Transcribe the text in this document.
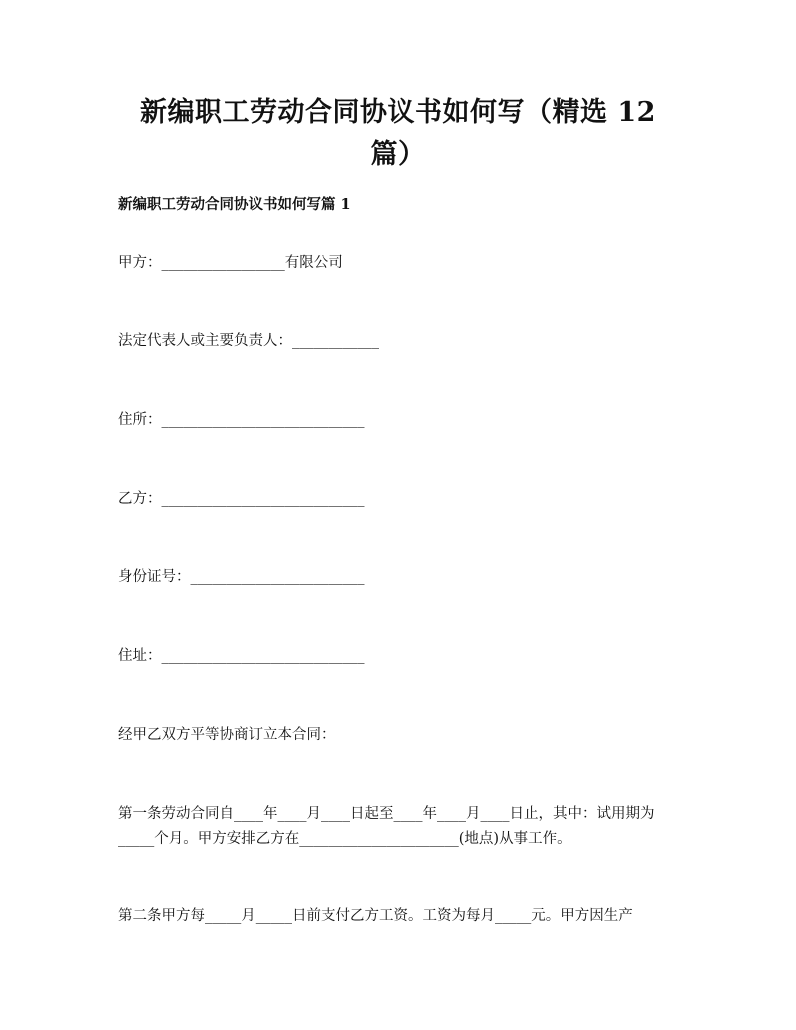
新编职工劳动合同协议书如何写（精选 12 篇）

新编职工劳动合同协议书如何写篇 1

甲方：_________________有限公司

法定代表人或主要负责人：____________

住所：____________________________

乙方：____________________________

身份证号：________________________

住址：____________________________

经甲乙双方平等协商订立本合同：

第一条劳动合同自____年____月____日起至____年____月____日止，其中：试用期为_____个月。甲方安排乙方在______________________(地点)从事工作。

第二条甲方每_____月_____日前支付乙方工资。工资为每月_____元。甲方因生产
